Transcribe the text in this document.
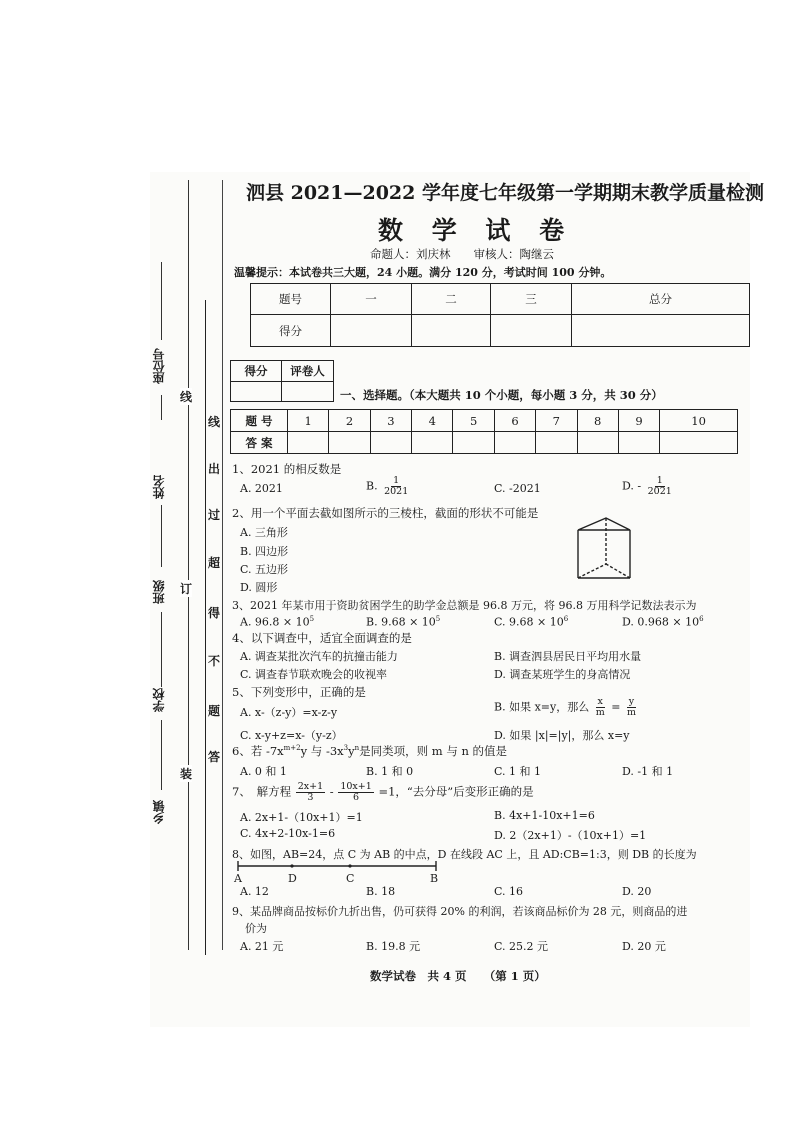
座位号
姓名
班级
学校
乡镇
线
订
装
线
出
过
超
得
不
题
答
泗县 2021—2022 学年度七年级第一学期期末教学质量检测
数 学 试 卷
命题人：刘庆林　　审核人：陶继云
温馨提示：本试卷共三大题，24 小题。满分 120 分，考试时间 100 分钟。
题号	一	二	三	总分
得分				
得分	评卷人

一、选择题。（本大题共 10 个小题，每小题 3 分，共 30 分）
题 号	1	2	3	4	5	6	7	8	9	10
答 案										
1、2021 的相反数是
A. 2021	B. $\frac{1}{2021}$	C. -2021	D. - $\frac{1}{2021}$
2、用一个平面去截如图所示的三棱柱，截面的形状不可能是
A. 三角形
B. 四边形
C. 五边形
D. 圆形
3、2021 年某市用于资助贫困学生的助学金总额是 96.8 万元，将 96.8 万用科学记数法表示为
A. $96.8 \times 10^5$	B. $9.68 \times 10^5$	C. $9.68 \times 10^6$	D. $0.968 \times 10^6$
4、以下调查中，适宜全面调查的是
A. 调查某批次汽车的抗撞击能力	B. 调查泗县居民日平均用水量
C. 调查春节联欢晚会的收视率	D. 调查某班学生的身高情况
5、下列变形中，正确的是
A. x-（z-y）=x-z-y	B. 如果 x=y，那么 $\frac{x}{m} = \frac{y}{m}$
C. x-y+z=x-（y-z）	D. 如果 |x|=|y|，那么 x=y
6、若 $-7x^{m+2}y$ 与 $-3x^3y^n$是同类项，则 m 与 n 的值是
A. 0 和 1	B. 1 和 0	C. 1 和 1	D. -1 和 1
7、　解方程 $\frac{2x+1}{3} - \frac{10x+1}{6} =1$，“去分母”后变形正确的是
A. 2x+1-（10x+1）=1	B. 4x+1-10x+1=6
C. 4x+2-10x-1=6	D. 2（2x+1）-（10x+1）=1
8、如图，AB=24，点 C 为 AB 的中点，D 在线段 AC 上，且 AD:CB=1:3，则 DB 的长度为
A	D	C	B
A. 12	B. 18	C. 16	D. 20
9、某品牌商品按标价九折出售，仍可获得 20% 的利润，若该商品标价为 28 元，则商品的进
价为
A. 21 元	B. 19.8 元	C. 25.2 元	D. 20 元
数学试卷　共 4 页　　（第 1 页）
